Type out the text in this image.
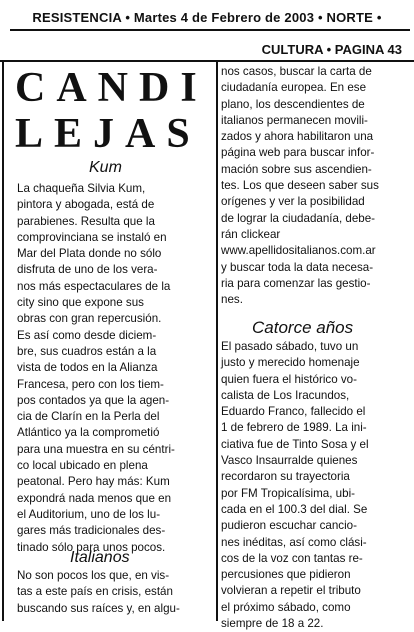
RESISTENCIA • Martes 4 de Febrero de 2003 • NORTE •
CULTURA • PAGINA 43
CANDI
LEJAS
Kum
La chaqueña Silvia Kum,
pintora y abogada, está de
parabienes. Resulta que la
comprovinciana se instaló en
Mar del Plata donde no sólo
disfruta de uno de los vera-
nos más espectaculares de la
city sino que expone sus
obras con gran repercusión.
Es así como desde diciem-
bre, sus cuadros están a la
vista de todos en la Alianza
Francesa, pero con los tiem-
pos contados ya que la agen-
cia de Clarín en la Perla del
Atlántico ya la comprometió
para una muestra en su céntri-
co local ubicado en plena
peatonal. Pero hay más: Kum
expondrá nada menos que en
el Auditorium, uno de los lu-
gares más tradicionales des-
tinado sólo para unos pocos.
Italianos
No son pocos los que, en vis-
tas a este país en crisis, están
buscando sus raíces y, en algu-
nos casos, buscar la carta de
ciudadanía europea. En ese
plano, los descendientes de
italianos permanecen movili-
zados y ahora habilitaron una
página web para buscar infor-
mación sobre sus ascendien-
tes. Los que deseen saber sus
orígenes y ver la posibilidad
de lograr la ciudadanía, debe-
rán clickear
www.apellidositalianos.com.ar
y buscar toda la data necesa-
ria para comenzar las gestio-
nes.
Catorce años
El pasado sábado, tuvo un
justo y merecido homenaje
quien fuera el histórico vo-
calista de Los Iracundos,
Eduardo Franco, fallecido el
1 de febrero de 1989. La ini-
ciativa fue de Tinto Sosa y el
Vasco Insaurralde quienes
recordaron su trayectoria
por FM Tropicalísima, ubi-
cada en el 100.3 del dial. Se
pudieron escuchar cancio-
nes inéditas, así como clási-
cos de la voz con tantas re-
percusiones que pidieron
volvieran a repetir el tributo
el próximo sábado, como
siempre de 18 a 22.
